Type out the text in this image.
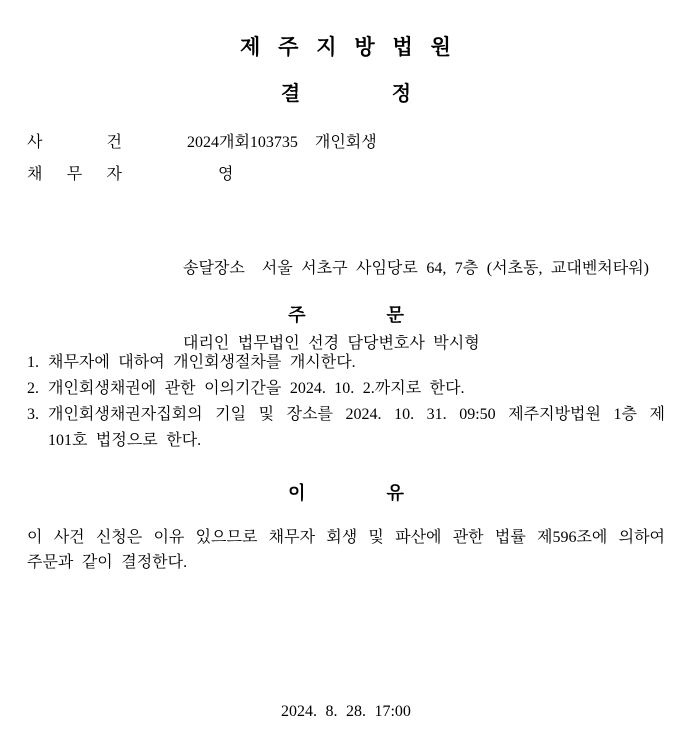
제 주 지 방 법 원
결 정
사 건	2024개회103735  개인회생
채 무 자	영

송달장소  서울 서초구 사임당로 64, 7층 (서초동, 교대벤처타워)

대리인 법무법인 선경 담당변호사 박시형

주 문
1. 채무자에 대하여 개인회생절차를 개시한다.
2. 개인회생채권에 관한 이의기간을 2024. 10. 2.까지로 한다.
3. 개인회생채권자집회의 기일 및 장소를 2024. 10. 31. 09:50 제주지방법원 1층 제
101호 법정으로 한다.
이 유
이 사건 신청은 이유 있으므로 채무자 회생 및 파산에 관한 법률 제596조에 의하여
주문과 같이 결정한다.
2024. 8. 28. 17:00
